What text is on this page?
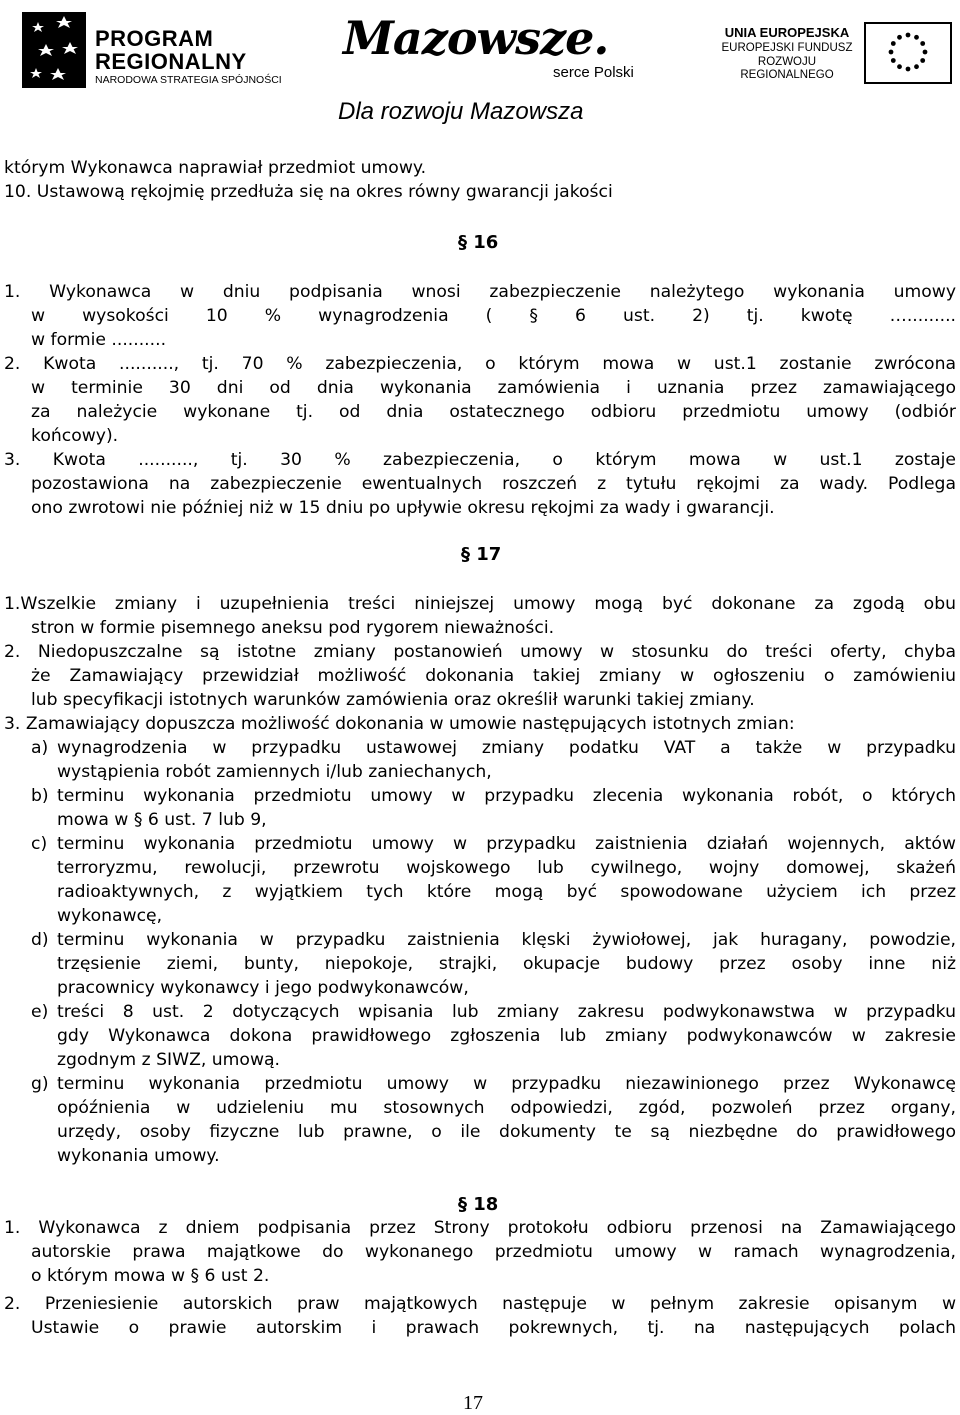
PROGRAM
REGIONALNY
NARODOWA STRATEGIA SPÓJNOŚCI
Mazowsze.
serce Polski
UNIA EUROPEJSKA
EUROPEJSKI FUNDUSZ
ROZWOJU REGIONALNEGO
Dla rozwoju Mazowsza
którym Wykonawca naprawiał przedmiot umowy.
10. Ustawową rękojmię przedłuża się na okres równy gwarancji jakości
§ 16
1. Wykonawca w dniu podpisania wnosi zabezpieczenie należytego wykonania umowy
w wysokości 10 % wynagrodzenia ( § 6 ust. 2) tj. kwotę ….........
w formie ..........
2. Kwota .........., tj. 70 % zabezpieczenia, o którym mowa w ust.1 zostanie zwrócona
w terminie 30 dni od dnia wykonania zamówienia i uznania przez zamawiającego
za należycie wykonane tj. od dnia ostatecznego odbioru przedmiotu umowy (odbiór
końcowy).
3. Kwota .........., tj. 30 % zabezpieczenia, o którym mowa w ust.1 zostaje
pozostawiona na zabezpieczenie ewentualnych roszczeń z tytułu rękojmi za wady. Podlega
ono zwrotowi nie później niż w 15 dniu po upływie okresu rękojmi za wady i gwarancji.
§ 17
1.Wszelkie zmiany i uzupełnienia treści niniejszej umowy mogą być dokonane za zgodą obu
stron w formie pisemnego aneksu pod rygorem nieważności.
2. Niedopuszczalne są istotne zmiany postanowień umowy w stosunku do treści oferty, chyba
że Zamawiający przewidział możliwość dokonania takiej zmiany w ogłoszeniu o zamówieniu
lub specyfikacji istotnych warunków zamówienia oraz określił warunki takiej zmiany.
3. Zamawiający dopuszcza możliwość dokonania w umowie następujących istotnych zmian:
a) wynagrodzenia w przypadku ustawowej zmiany podatku VAT a także w przypadku
wystąpienia robót zamiennych i/lub zaniechanych,
b) terminu wykonania przedmiotu umowy w przypadku zlecenia wykonania robót, o których
mowa w § 6 ust. 7 lub 9,
c) terminu wykonania przedmiotu umowy w przypadku zaistnienia działań wojennych, aktów
terroryzmu, rewolucji, przewrotu wojskowego lub cywilnego, wojny domowej, skażeń
radioaktywnych, z wyjątkiem tych które mogą być spowodowane użyciem ich przez
wykonawcę,
d) terminu wykonania w przypadku zaistnienia klęski żywiołowej, jak huragany, powodzie,
trzęsienie ziemi, bunty, niepokoje, strajki, okupacje budowy przez osoby inne niż
pracownicy wykonawcy i jego podwykonawców,
e) treści 8 ust. 2 dotyczących wpisania lub zmiany zakresu podwykonawstwa w przypadku
gdy Wykonawca dokona prawidłowego zgłoszenia lub zmiany podwykonawców w zakresie
zgodnym z SIWZ, umową.
g) terminu wykonania przedmiotu umowy w przypadku niezawinionego przez Wykonawcę
opóźnienia w udzieleniu mu stosownych odpowiedzi, zgód, pozwoleń przez organy,
urzędy, osoby fizyczne lub prawne, o ile dokumenty te są niezbędne do prawidłowego
wykonania umowy.
§ 18
1. Wykonawca z dniem podpisania przez Strony protokołu odbioru przenosi na Zamawiającego
autorskie prawa majątkowe do wykonanego przedmiotu umowy w ramach wynagrodzenia,
o którym mowa w § 6 ust 2.
2. Przeniesienie autorskich praw majątkowych następuje w pełnym zakresie opisanym w
Ustawie o prawie autorskim i prawach pokrewnych, tj. na następujących polach
17
